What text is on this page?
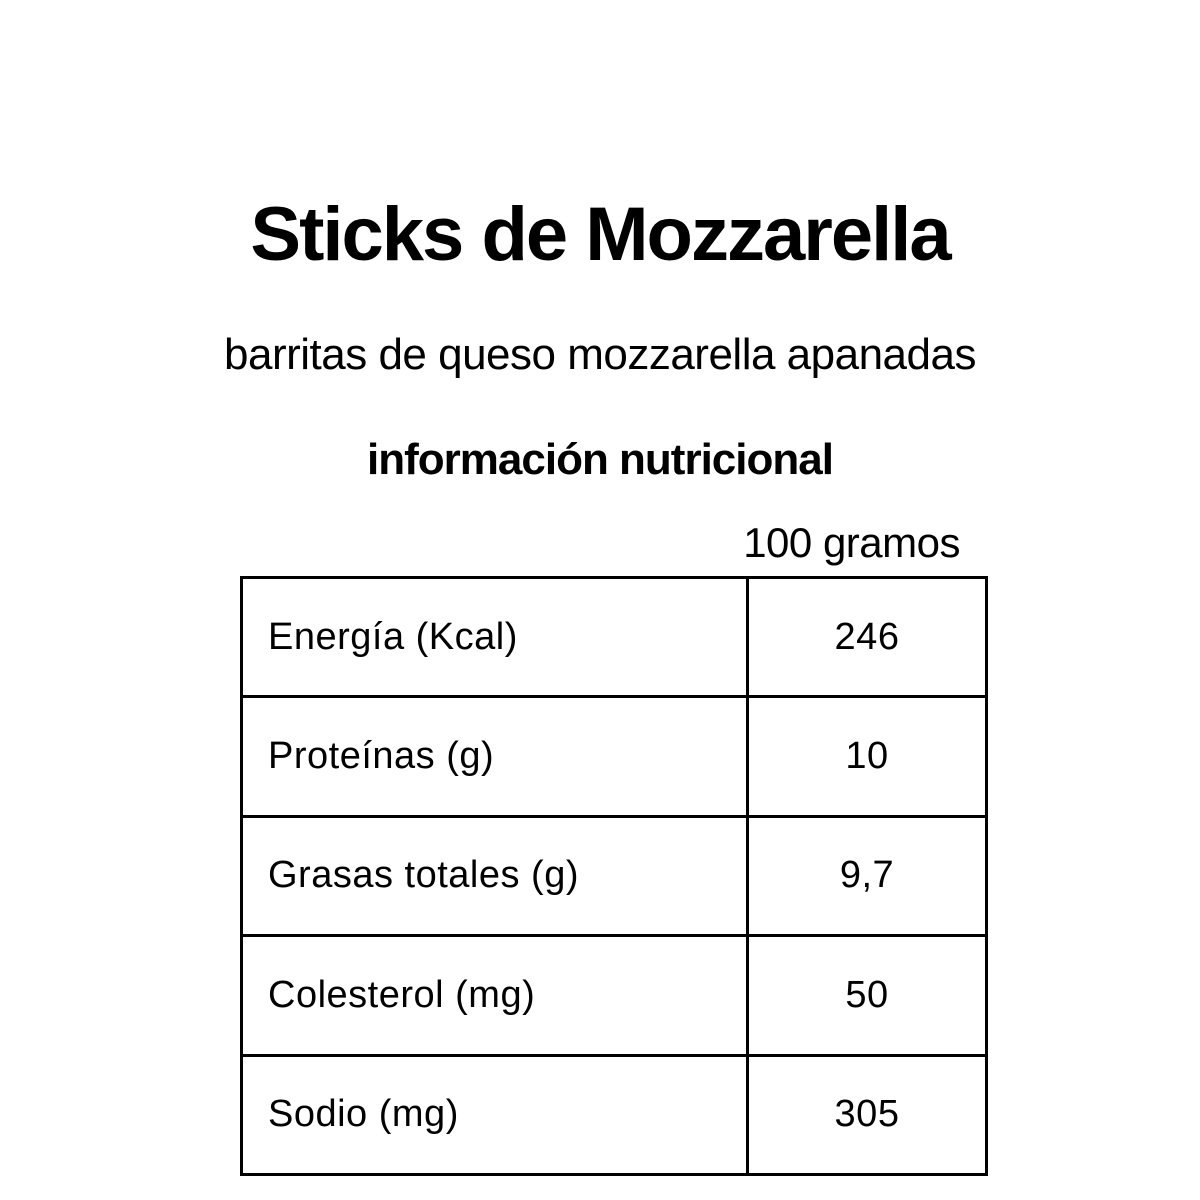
Sticks de Mozzarella

barritas de queso mozzarella apanadas

información nutricional

100 gramos

Energía (Kcal)	246
Proteínas (g)	10
Grasas totales (g)	9,7
Colesterol (mg)	50
Sodio (mg)	305
